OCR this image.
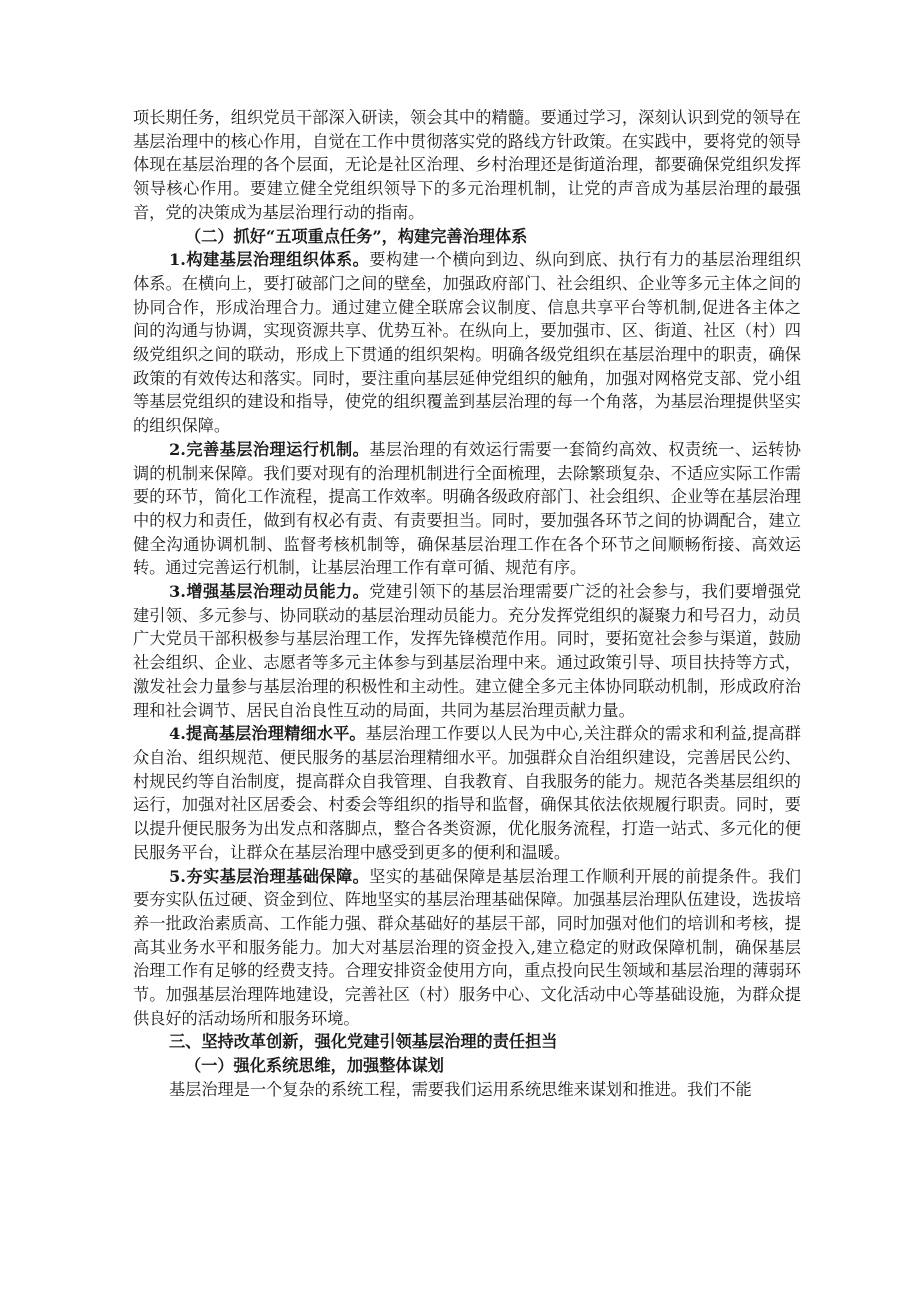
项长期任务，组织党员干部深入研读，领会其中的精髓。要通过学习，深刻认识到党的领导在基层治理中的核心作用，自觉在工作中贯彻落实党的路线方针政策。在实践中，要将党的领导体现在基层治理的各个层面，无论是社区治理、乡村治理还是街道治理，都要确保党组织发挥领导核心作用。要建立健全党组织领导下的多元治理机制，让党的声音成为基层治理的最强音，党的决策成为基层治理行动的指南。

（二）抓好“五项重点任务”，构建完善治理体系

1.构建基层治理组织体系。要构建一个横向到边、纵向到底、执行有力的基层治理组织体系。在横向上，要打破部门之间的壁垒，加强政府部门、社会组织、企业等多元主体之间的协同合作，形成治理合力。通过建立健全联席会议制度、信息共享平台等机制,促进各主体之间的沟通与协调，实现资源共享、优势互补。在纵向上，要加强市、区、街道、社区（村）四级党组织之间的联动，形成上下贯通的组织架构。明确各级党组织在基层治理中的职责，确保政策的有效传达和落实。同时，要注重向基层延伸党组织的触角，加强对网格党支部、党小组等基层党组织的建设和指导，使党的组织覆盖到基层治理的每一个角落，为基层治理提供坚实的组织保障。

2.完善基层治理运行机制。基层治理的有效运行需要一套简约高效、权责统一、运转协调的机制来保障。我们要对现有的治理机制进行全面梳理，去除繁琐复杂、不适应实际工作需要的环节，简化工作流程，提高工作效率。明确各级政府部门、社会组织、企业等在基层治理中的权力和责任，做到有权必有责、有责要担当。同时，要加强各环节之间的协调配合，建立健全沟通协调机制、监督考核机制等，确保基层治理工作在各个环节之间顺畅衔接、高效运转。通过完善运行机制，让基层治理工作有章可循、规范有序。

3.增强基层治理动员能力。党建引领下的基层治理需要广泛的社会参与，我们要增强党建引领、多元参与、协同联动的基层治理动员能力。充分发挥党组织的凝聚力和号召力，动员广大党员干部积极参与基层治理工作，发挥先锋模范作用。同时，要拓宽社会参与渠道，鼓励社会组织、企业、志愿者等多元主体参与到基层治理中来。通过政策引导、项目扶持等方式，激发社会力量参与基层治理的积极性和主动性。建立健全多元主体协同联动机制，形成政府治理和社会调节、居民自治良性互动的局面，共同为基层治理贡献力量。

4.提高基层治理精细水平。基层治理工作要以人民为中心,关注群众的需求和利益,提高群众自治、组织规范、便民服务的基层治理精细水平。加强群众自治组织建设，完善居民公约、村规民约等自治制度，提高群众自我管理、自我教育、自我服务的能力。规范各类基层组织的运行，加强对社区居委会、村委会等组织的指导和监督，确保其依法依规履行职责。同时，要以提升便民服务为出发点和落脚点，整合各类资源，优化服务流程，打造一站式、多元化的便民服务平台，让群众在基层治理中感受到更多的便利和温暖。

5.夯实基层治理基础保障。坚实的基础保障是基层治理工作顺利开展的前提条件。我们要夯实队伍过硬、资金到位、阵地坚实的基层治理基础保障。加强基层治理队伍建设，选拔培养一批政治素质高、工作能力强、群众基础好的基层干部，同时加强对他们的培训和考核，提高其业务水平和服务能力。加大对基层治理的资金投入,建立稳定的财政保障机制，确保基层治理工作有足够的经费支持。合理安排资金使用方向，重点投向民生领域和基层治理的薄弱环节。加强基层治理阵地建设，完善社区（村）服务中心、文化活动中心等基础设施，为群众提供良好的活动场所和服务环境。

三、坚持改革创新，强化党建引领基层治理的责任担当

（一）强化系统思维，加强整体谋划

基层治理是一个复杂的系统工程，需要我们运用系统思维来谋划和推进。我们不能
